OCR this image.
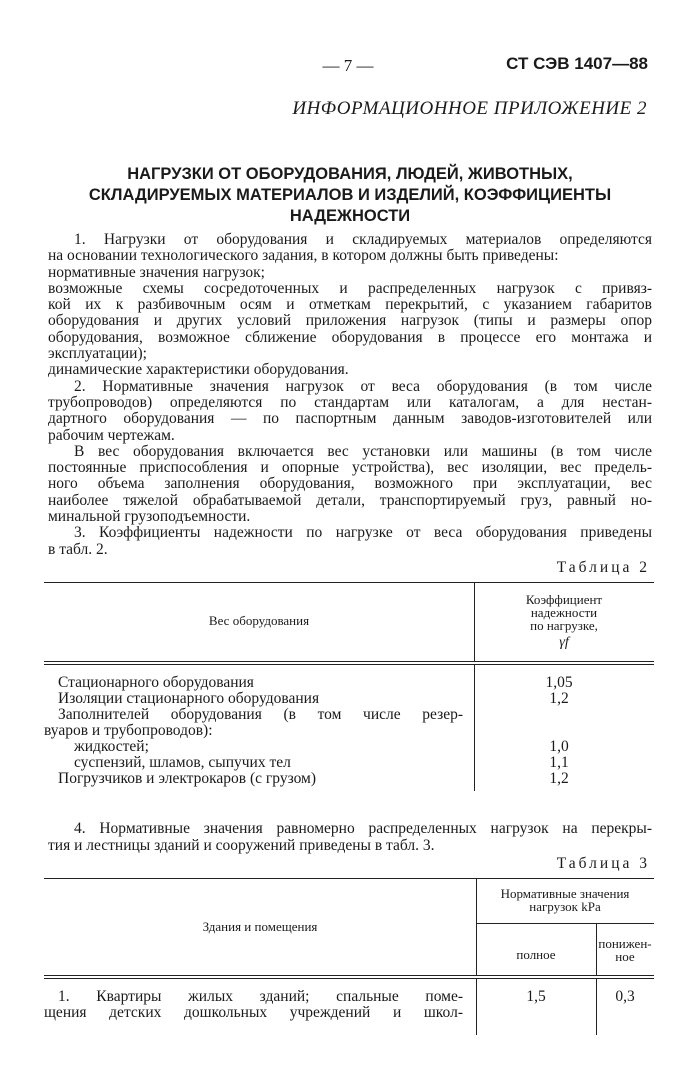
— 7 —	СТ СЭВ 1407—88
ИНФОРМАЦИОННОЕ ПРИЛОЖЕНИЕ 2
НАГРУЗКИ ОТ ОБОРУДОВАНИЯ, ЛЮДЕЙ, ЖИВОТНЫХ,
СКЛАДИРУЕМЫХ МАТЕРИАЛОВ И ИЗДЕЛИЙ, КОЭФФИЦИЕНТЫ
НАДЕЖНОСТИ
1. Нагрузки от оборудования и складируемых материалов определяются
на основании технологического задания, в котором должны быть приведены:
нормативные значения нагрузок;
возможные схемы сосредоточенных и распределенных нагрузок с привяз-
кой их к разбивочным осям и отметкам перекрытий, с указанием габаритов
оборудования и других условий приложения нагрузок (типы и размеры опор
оборудования, возможное сближение оборудования в процессе его монтажа и
эксплуатации);
динамические характеристики оборудования.
2. Нормативные значения нагрузок от веса оборудования (в том числе
трубопроводов) определяются по стандартам или каталогам, а для нестан-
дартного оборудования — по паспортным данным заводов-изготовителей или
рабочим чертежам.
В вес оборудования включается вес установки или машины (в том числе
постоянные приспособления и опорные устройства), вес изоляции, вес предель-
ного объема заполнения оборудования, возможного при эксплуатации, вес
наиболее тяжелой обрабатываемой детали, транспортируемый груз, равный но-
минальной грузоподъемности.
3. Коэффициенты надежности по нагрузке от веса оборудования приведены
в табл. 2.
Таблица 2
Вес оборудования
Коэффициент
надежности
по нагрузке,
γf
Стационарного оборудования	1,05
Изоляции стационарного оборудования	1,2
Заполнителей оборудования (в том числе резер-
вуаров и трубопроводов):
жидкостей;	1,0
суспензий, шламов, сыпучих тел	1,1
Погрузчиков и электрокаров (с грузом)	1,2
4. Нормативные значения равномерно распределенных нагрузок на перекры-
тия и лестницы зданий и сооружений приведены в табл. 3.
Таблица 3
Здания и помещения
Нормативные значения
нагрузок kPa
полное
понижен-
ное
1. Квартиры жилых зданий; спальные поме-
щения детских дошкольных учреждений и школ-
1,5	0,3
